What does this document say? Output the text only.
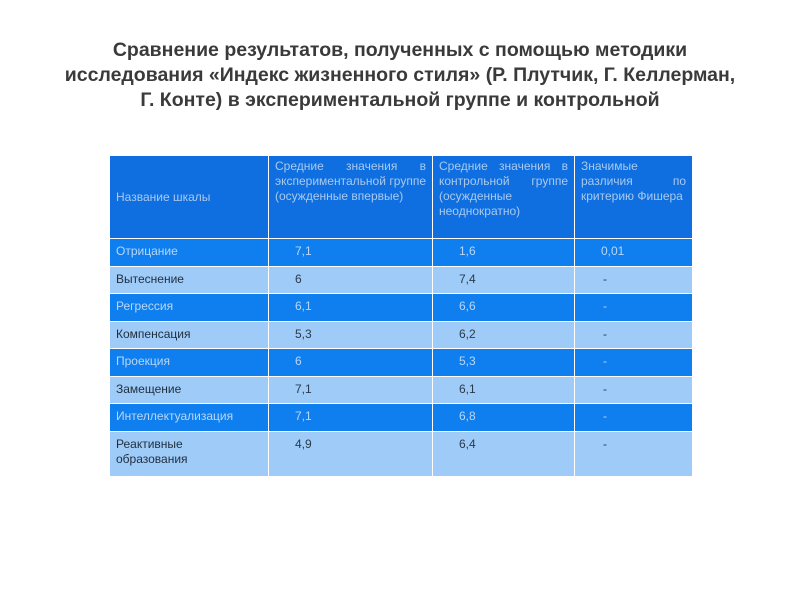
Сравнение результатов, полученных с помощью методики
исследования «Индекс жизненного стиля» (Р. Плутчик, Г. Келлерман,
Г. Конте) в экспериментальной группе и контрольной
Название шкалы	Средние значения в экспериментальной группе (осужденные впервые)	Средние значения в контрольной группе (осужденные неоднократно)	Значимые различия по критерию Фишера
Отрицание	7,1	1,6	0,01
Вытеснение	6	7,4	-
Регрессия	6,1	6,6	-
Компенсация	5,3	6,2	-
Проекция	6	5,3	-
Замещение	7,1	6,1	-
Интеллектуализация	7,1	6,8	-
Реактивные образования	4,9	6,4	-
